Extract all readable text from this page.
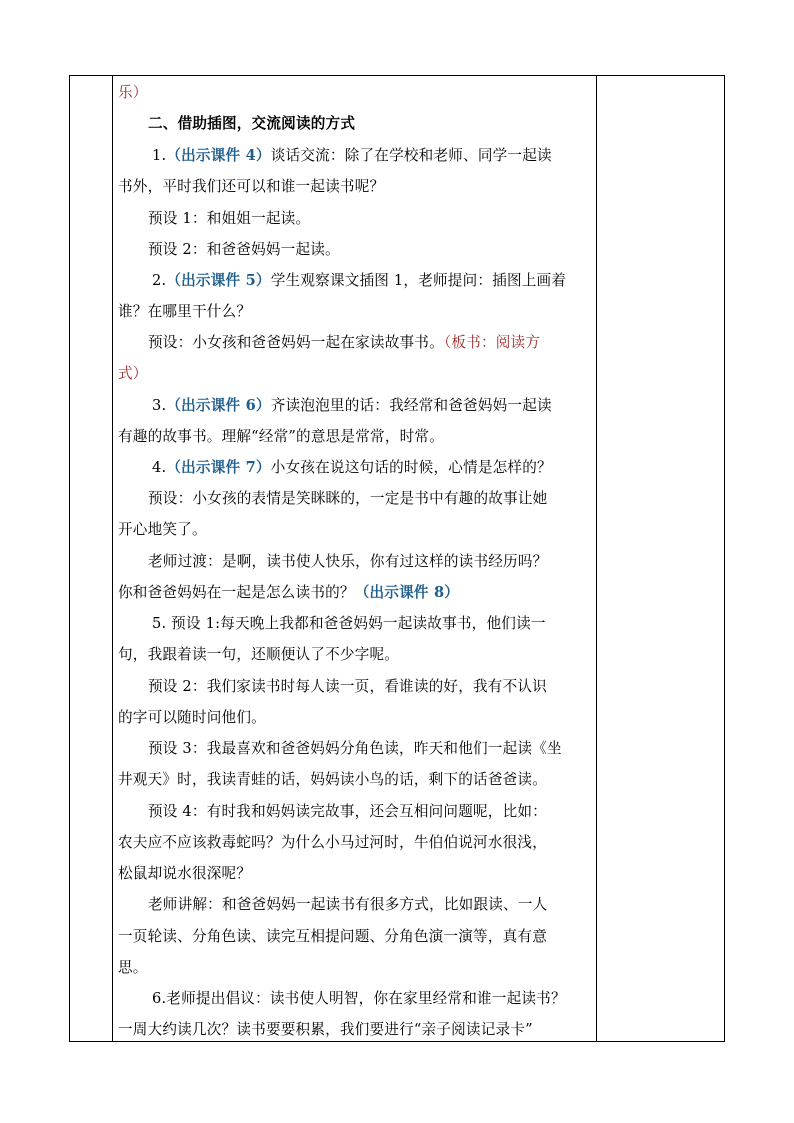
乐）
二、借助插图，交流阅读的方式
1.（出示课件 4）谈话交流：除了在学校和老师、同学一起读
书外，平时我们还可以和谁一起读书呢？
预设 1：和姐姐一起读。
预设 2：和爸爸妈妈一起读。
2.（出示课件 5）学生观察课文插图 1，老师提问：插图上画着
谁？在哪里干什么？
预设：小女孩和爸爸妈妈一起在家读故事书。（板书：阅读方
式）
3.（出示课件 6）齐读泡泡里的话：我经常和爸爸妈妈一起读
有趣的故事书。理解“经常”的意思是常常，时常。
4.（出示课件 7）小女孩在说这句话的时候，心情是怎样的？
预设：小女孩的表情是笑眯眯的，一定是书中有趣的故事让她
开心地笑了。
老师过渡：是啊，读书使人快乐，你有过这样的读书经历吗？
你和爸爸妈妈在一起是怎么读书的？（出示课件 8）
5. 预设 1:每天晚上我都和爸爸妈妈一起读故事书，他们读一
句，我跟着读一句，还顺便认了不少字呢。
预设 2：我们家读书时每人读一页，看谁读的好，我有不认识
的字可以随时问他们。
预设 3：我最喜欢和爸爸妈妈分角色读，昨天和他们一起读《坐
井观天》时，我读青蛙的话，妈妈读小鸟的话，剩下的话爸爸读。
预设 4：有时我和妈妈读完故事，还会互相问问题呢，比如：
农夫应不应该救毒蛇吗？为什么小马过河时，牛伯伯说河水很浅，
松鼠却说水很深呢？
老师讲解：和爸爸妈妈一起读书有很多方式，比如跟读、一人
一页轮读、分角色读、读完互相提问题、分角色演一演等，真有意
思。
6.老师提出倡议：读书使人明智，你在家里经常和谁一起读书？
一周大约读几次？读书要要积累，我们要进行“亲子阅读记录卡”
